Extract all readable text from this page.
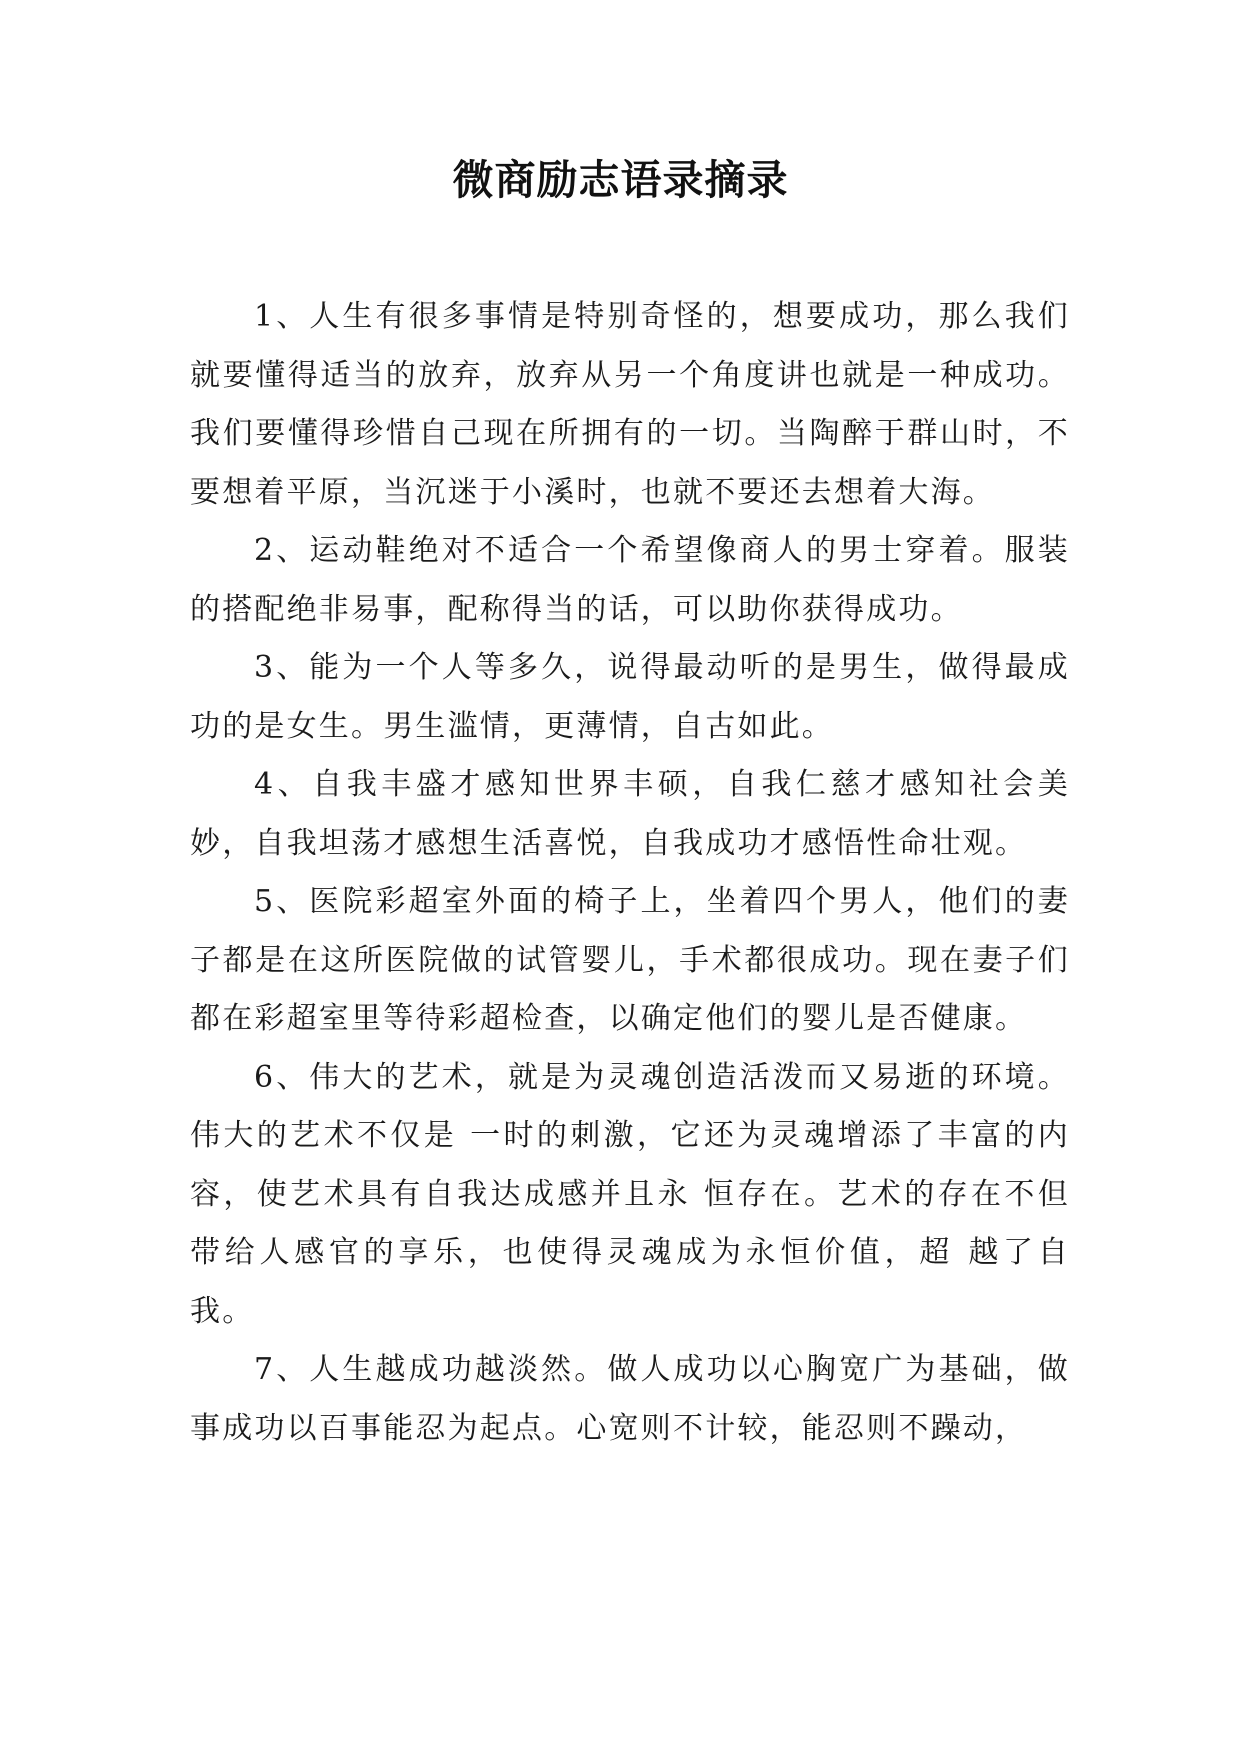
微商励志语录摘录

1、人生有很多事情是特别奇怪的，想要成功，那么我们就要懂得适当的放弃，放弃从另一个角度讲也就是一种成功。我们要懂得珍惜自己现在所拥有的一切。当陶醉于群山时，不要想着平原，当沉迷于小溪时，也就不要还去想着大海。

2、运动鞋绝对不适合一个希望像商人的男士穿着。服装的搭配绝非易事，配称得当的话，可以助你获得成功。

3、能为一个人等多久，说得最动听的是男生，做得最成功的是女生。男生滥情，更薄情，自古如此。

4、自我丰盛才感知世界丰硕，自我仁慈才感知社会美妙，自我坦荡才感想生活喜悦，自我成功才感悟性命壮观。

5、医院彩超室外面的椅子上，坐着四个男人，他们的妻子都是在这所医院做的试管婴儿，手术都很成功。现在妻子们都在彩超室里等待彩超检查，以确定他们的婴儿是否健康。

6、伟大的艺术，就是为灵魂创造活泼而又易逝的环境。伟大的艺术不仅是 一时的刺激，它还为灵魂增添了丰富的内容，使艺术具有自我达成感并且永 恒存在。艺术的存在不但带给人感官的享乐，也使得灵魂成为永恒价值，超 越了自我。

7、人生越成功越淡然。做人成功以心胸宽广为基础，做事成功以百事能忍为起点。心宽则不计较，能忍则不躁动，
